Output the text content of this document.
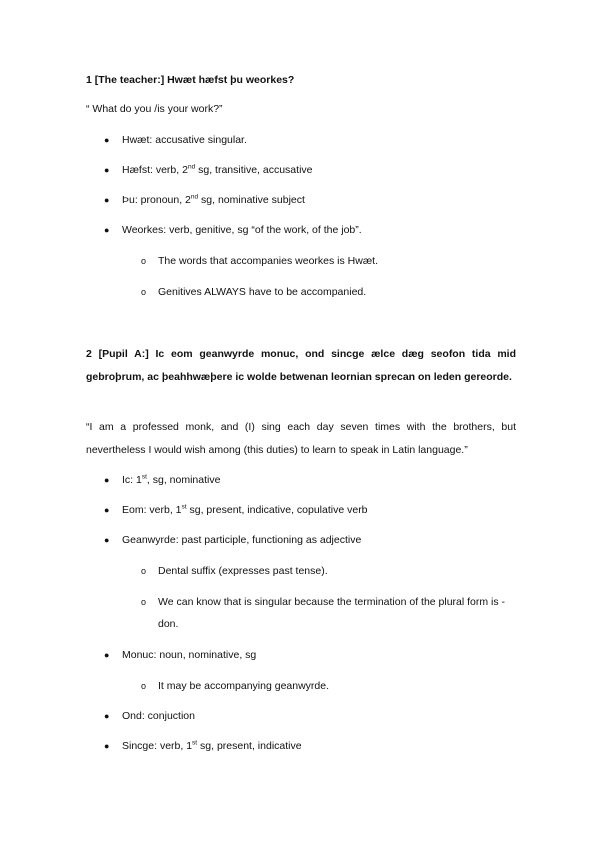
1 [The teacher:] Hwæt hæfst þu weorkes?
“ What do you /is your work?”
● Hwæt: accusative singular.
● Hæfst: verb, 2nd sg, transitive, accusative
● Þu: pronoun, 2nd sg, nominative subject
● Weorkes: verb, genitive, sg “of the work, of the job”.
o The words that accompanies weorkes is Hwæt.
o Genitives ALWAYS have to be accompanied.
2 [Pupil A:] Ic eom geanwyrde monuc, ond sincge ælce dæg seofon tida mid gebroþrum, ac þeahhwæþere ic wolde betwenan leornian sprecan on leden gereorde.
“I am a professed monk, and (I) sing each day seven times with the brothers, but nevertheless I would wish among (this duties) to learn to speak in Latin language.”
● Ic: 1st, sg, nominative
● Eom: verb, 1st sg, present, indicative, copulative verb
● Geanwyrde: past participle, functioning as adjective
o Dental suffix (expresses past tense).
o We can know that is singular because the termination of the plural form is -don.
● Monuc: noun, nominative, sg
o It may be accompanying geanwyrde.
● Ond: conjuction
● Sincge: verb, 1st sg, present, indicative
